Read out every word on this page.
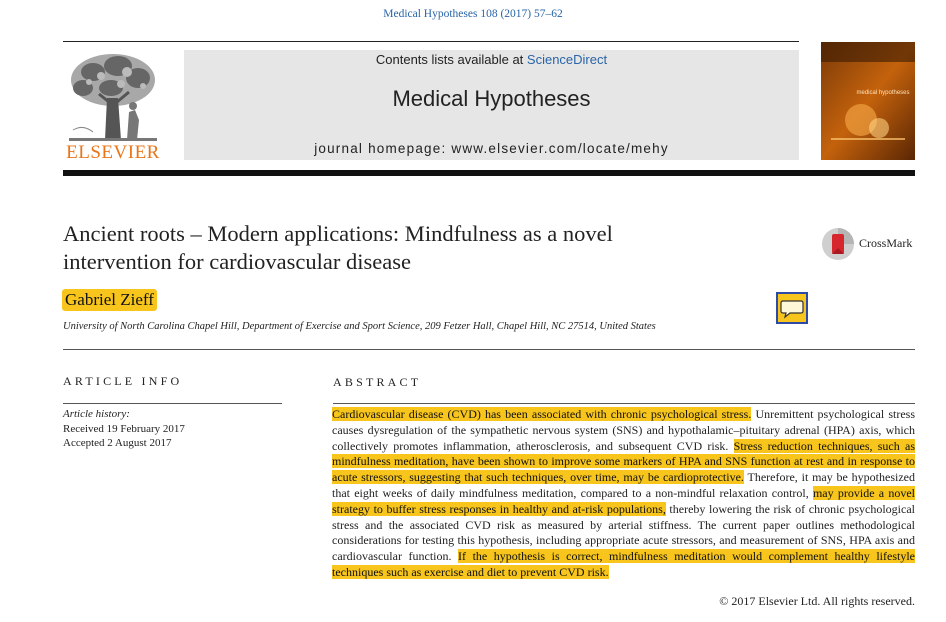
Medical Hypotheses 108 (2017) 57–62
ELSEVIER
Contents lists available at ScienceDirect
Medical Hypotheses
journal homepage: www.elsevier.com/locate/mehy
medical hypotheses
Ancient roots – Modern applications: Mindfulness as a novel
intervention for cardiovascular disease
CrossMark
Gabriel Zieff
University of North Carolina Chapel Hill, Department of Exercise and Sport Science, 209 Fetzer Hall, Chapel Hill, NC 27514, United States
ARTICLE INFO	ABSTRACT
Article history:
Received 19 February 2017
Accepted 2 August 2017
Cardiovascular disease (CVD) has been associated with chronic psychological stress. Unremittent psychological stress causes dysregulation of the sympathetic nervous system (SNS) and hypothalamic–pituitary adrenal (HPA) axis, which collectively promotes inflammation, atherosclerosis, and subsequent CVD risk. Stress reduction techniques, such as mindfulness meditation, have been shown to improve some markers of HPA and SNS function at rest and in response to acute stressors, suggesting that such techniques, over time, may be cardioprotective. Therefore, it may be hypothesized that eight weeks of daily mindfulness meditation, compared to a non-mindful relaxation control, may provide a novel strategy to buffer stress responses in healthy and at-risk populations, thereby lowering the risk of chronic psychological stress and the associated CVD risk as measured by arterial stiffness. The current paper outlines methodological considerations for testing this hypothesis, including appropriate acute stressors, and measurement of SNS, HPA axis and cardiovascular function. If the hypothesis is correct, mindfulness meditation would complement healthy lifestyle techniques such as exercise and diet to prevent CVD risk.
© 2017 Elsevier Ltd. All rights reserved.
